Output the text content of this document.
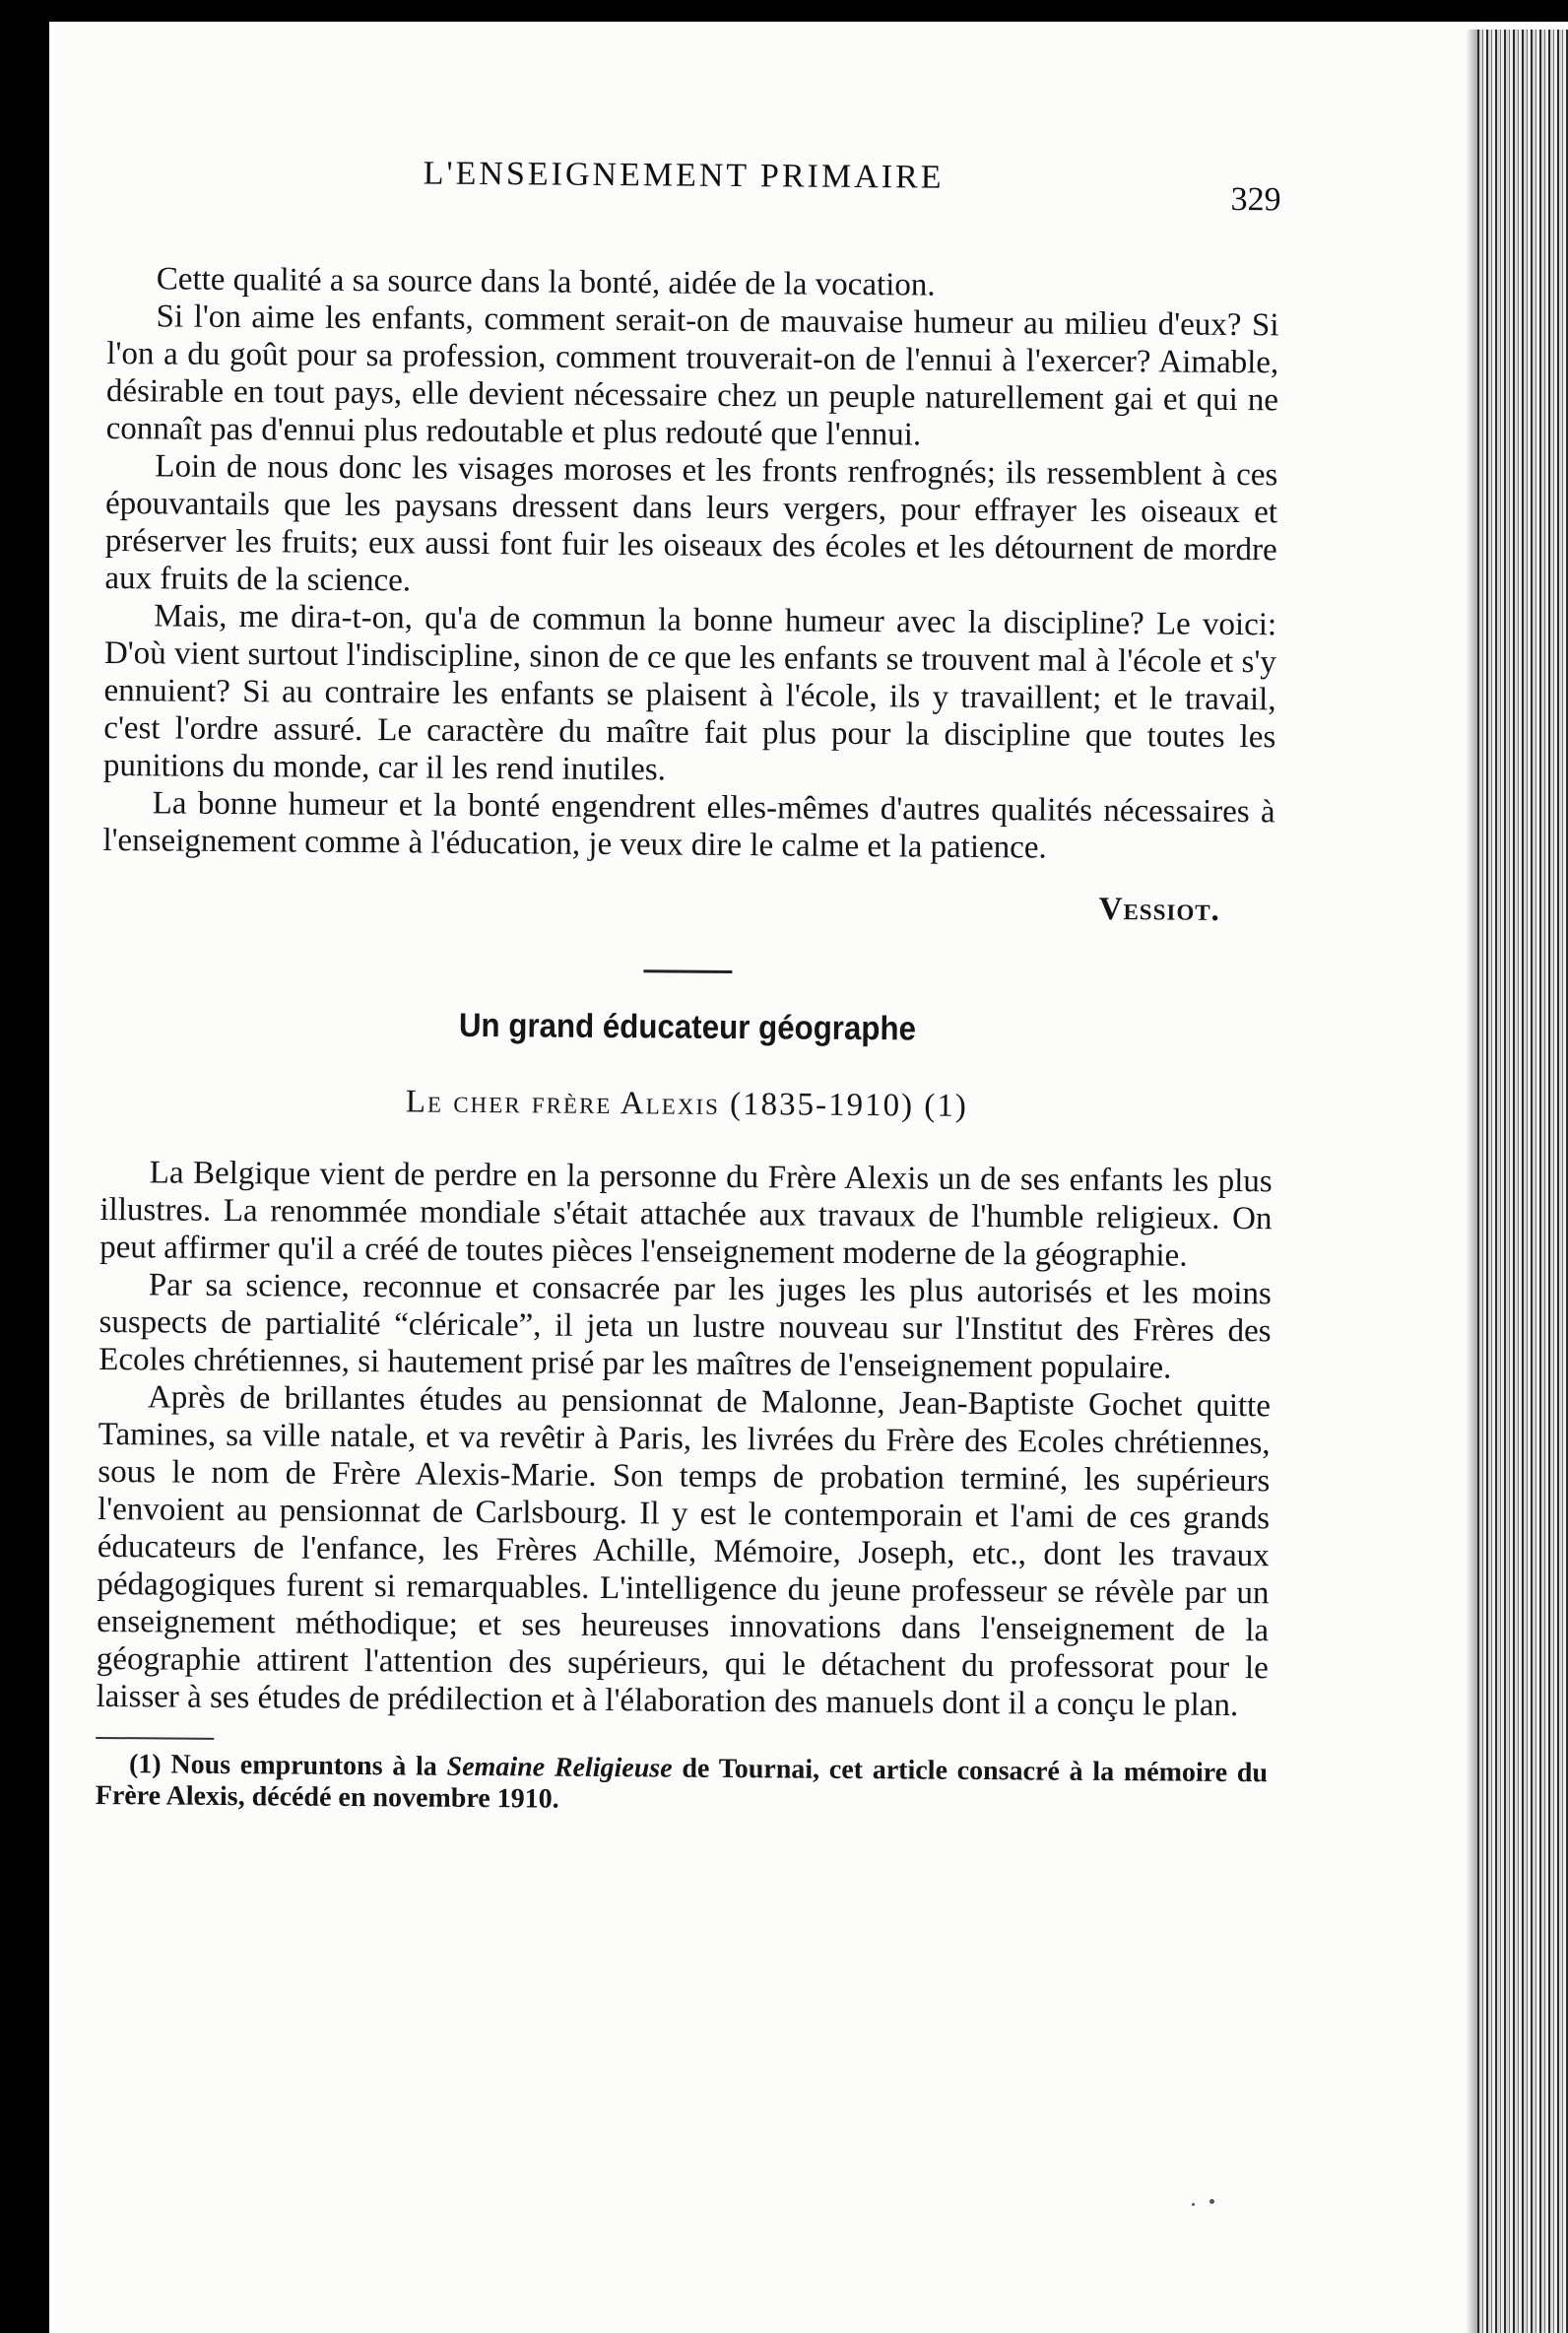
L'ENSEIGNEMENT PRIMAIRE
329

Cette qualité a sa source dans la bonté, aidée de la vocation.

Si l'on aime les enfants, comment serait-on de mauvaise humeur au milieu d'eux? Si l'on a du goût pour sa profession, comment trouverait-on de l'ennui à l'exercer? Aimable, désirable en tout pays, elle devient nécessaire chez un peuple naturellement gai et qui ne connaît pas d'ennui plus redoutable et plus redouté que l'ennui.

Loin de nous donc les visages moroses et les fronts renfrognés; ils ressemblent à ces épouvantails que les paysans dressent dans leurs vergers, pour effrayer les oiseaux et préserver les fruits; eux aussi font fuir les oiseaux des écoles et les détournent de mordre aux fruits de la science.

Mais, me dira-t-on, qu'a de commun la bonne humeur avec la discipline? Le voici: D'où vient surtout l'indiscipline, sinon de ce que les enfants se trouvent mal à l'école et s'y ennuient? Si au contraire les enfants se plaisent à l'école, ils y travaillent; et le travail, c'est l'ordre assuré. Le caractère du maître fait plus pour la discipline que toutes les punitions du monde, car il les rend inutiles.

La bonne humeur et la bonté engendrent elles-mêmes d'autres qualités nécessaires à l'enseignement comme à l'éducation, je veux dire le calme et la patience.

Vessiot.
Un grand éducateur géographe
Le cher frère Alexis (1835-1910) (1)

La Belgique vient de perdre en la personne du Frère Alexis un de ses enfants les plus illustres. La renommée mondiale s'était attachée aux travaux de l'humble religieux. On peut affirmer qu'il a créé de toutes pièces l'enseignement moderne de la géographie.

Par sa science, reconnue et consacrée par les juges les plus autorisés et les moins suspects de partialité “cléricale”, il jeta un lustre nouveau sur l'Institut des Frères des Ecoles chrétiennes, si hautement prisé par les maîtres de l'enseignement populaire.

Après de brillantes études au pensionnat de Malonne, Jean-Baptiste Gochet quitte Tamines, sa ville natale, et va revêtir à Paris, les livrées du Frère des Ecoles chrétiennes, sous le nom de Frère Alexis-Marie. Son temps de probation terminé, les supérieurs l'envoient au pensionnat de Carlsbourg. Il y est le contemporain et l'ami de ces grands éducateurs de l'enfance, les Frères Achille, Mémoire, Joseph, etc., dont les travaux pédagogiques furent si remarquables. L'intelligence du jeune professeur se révèle par un enseignement méthodique; et ses heureuses innovations dans l'enseignement de la géographie attirent l'attention des supérieurs, qui le détachent du professorat pour le laisser à ses études de prédilection et à l'élaboration des manuels dont il a conçu le plan.

(1) Nous empruntons à la Semaine Religieuse de Tournai, cet article consacré à la mémoire du Frère Alexis, décédé en novembre 1910.
